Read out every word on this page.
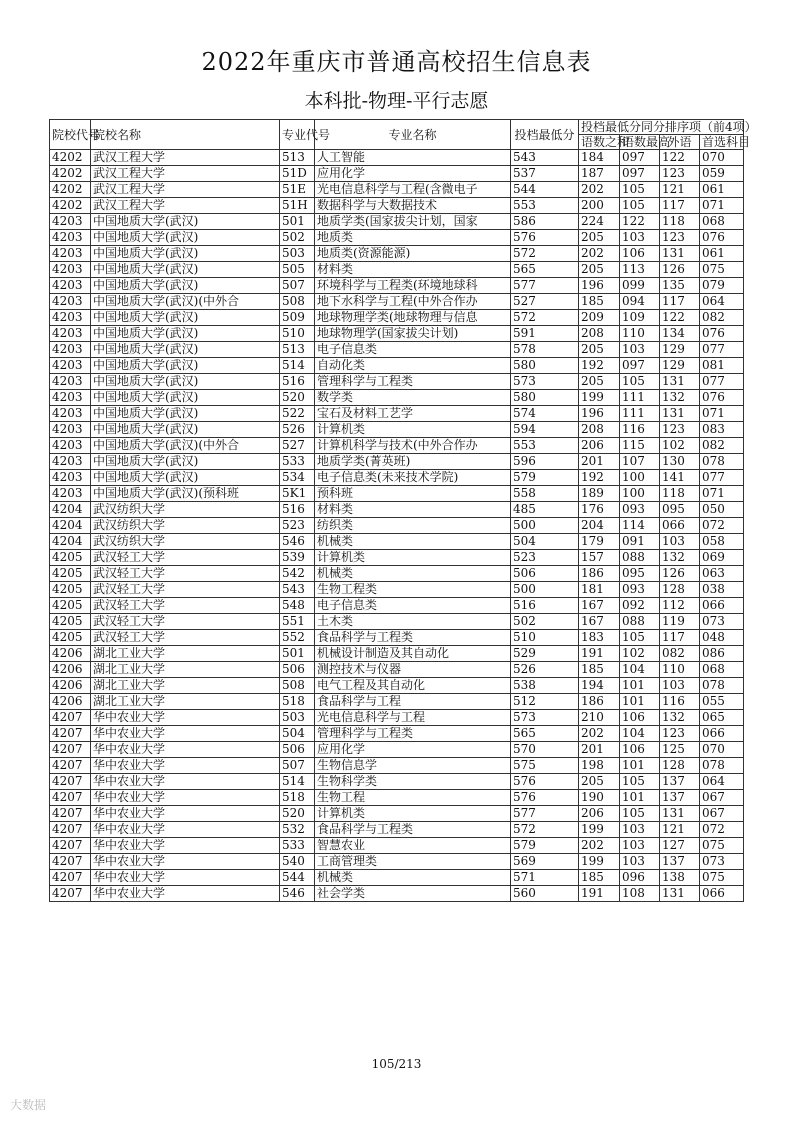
2022年重庆市普通高校招生信息表
本科批-物理-平行志愿
院校代号	院校名称	专业代号	专业名称	投档最低分	投档最低分同分排序项（前4项）			
					语数之和	语数最高	外语	首选科目
4202	武汉工程大学	513	人工智能	543	184	097	122	070
4202	武汉工程大学	51D	应用化学	537	187	097	123	059
4202	武汉工程大学	51E	光电信息科学与工程(含微电子	544	202	105	121	061
4202	武汉工程大学	51H	数据科学与大数据技术	553	200	105	117	071
4203	中国地质大学(武汉)	501	地质学类(国家拔尖计划，国家	586	224	122	118	068
4203	中国地质大学(武汉)	502	地质类	576	205	103	123	076
4203	中国地质大学(武汉)	503	地质类(资源能源)	572	202	106	131	061
4203	中国地质大学(武汉)	505	材料类	565	205	113	126	075
4203	中国地质大学(武汉)	507	环境科学与工程类(环境地球科	577	196	099	135	079
4203	中国地质大学(武汉)(中外合	508	地下水科学与工程(中外合作办	527	185	094	117	064
4203	中国地质大学(武汉)	509	地球物理学类(地球物理与信息	572	209	109	122	082
4203	中国地质大学(武汉)	510	地球物理学(国家拔尖计划)	591	208	110	134	076
4203	中国地质大学(武汉)	513	电子信息类	578	205	103	129	077
4203	中国地质大学(武汉)	514	自动化类	580	192	097	129	081
4203	中国地质大学(武汉)	516	管理科学与工程类	573	205	105	131	077
4203	中国地质大学(武汉)	520	数学类	580	199	111	132	076
4203	中国地质大学(武汉)	522	宝石及材料工艺学	574	196	111	131	071
4203	中国地质大学(武汉)	526	计算机类	594	208	116	123	083
4203	中国地质大学(武汉)(中外合	527	计算机科学与技术(中外合作办	553	206	115	102	082
4203	中国地质大学(武汉)	533	地质学类(菁英班)	596	201	107	130	078
4203	中国地质大学(武汉)	534	电子信息类(未来技术学院)	579	192	100	141	077
4203	中国地质大学(武汉)(预科班	5K1	预科班	558	189	100	118	071
4204	武汉纺织大学	516	材料类	485	176	093	095	050
4204	武汉纺织大学	523	纺织类	500	204	114	066	072
4204	武汉纺织大学	546	机械类	504	179	091	103	058
4205	武汉轻工大学	539	计算机类	523	157	088	132	069
4205	武汉轻工大学	542	机械类	506	186	095	126	063
4205	武汉轻工大学	543	生物工程类	500	181	093	128	038
4205	武汉轻工大学	548	电子信息类	516	167	092	112	066
4205	武汉轻工大学	551	土木类	502	167	088	119	073
4205	武汉轻工大学	552	食品科学与工程类	510	183	105	117	048
4206	湖北工业大学	501	机械设计制造及其自动化	529	191	102	082	086
4206	湖北工业大学	506	测控技术与仪器	526	185	104	110	068
4206	湖北工业大学	508	电气工程及其自动化	538	194	101	103	078
4206	湖北工业大学	518	食品科学与工程	512	186	101	116	055
4207	华中农业大学	503	光电信息科学与工程	573	210	106	132	065
4207	华中农业大学	504	管理科学与工程类	565	202	104	123	066
4207	华中农业大学	506	应用化学	570	201	106	125	070
4207	华中农业大学	507	生物信息学	575	198	101	128	078
4207	华中农业大学	514	生物科学类	576	205	105	137	064
4207	华中农业大学	518	生物工程	576	190	101	137	067
4207	华中农业大学	520	计算机类	577	206	105	131	067
4207	华中农业大学	532	食品科学与工程类	572	199	103	121	072
4207	华中农业大学	533	智慧农业	579	202	103	127	075
4207	华中农业大学	540	工商管理类	569	199	103	137	073
4207	华中农业大学	544	机械类	571	185	096	138	075
4207	华中农业大学	546	社会学类	560	191	108	131	066
105/213
大数据
